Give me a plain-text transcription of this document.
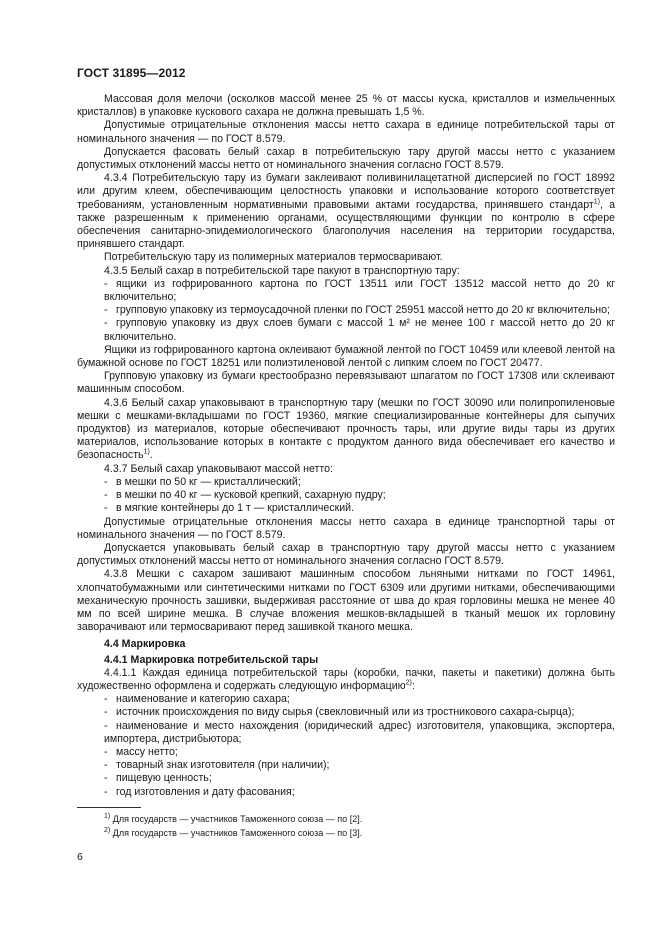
ГОСТ 31895—2012
Массовая доля мелочи (осколков массой менее 25 % от массы куска, кристаллов и измельченных кристаллов) в упаковке кускового сахара не должна превышать 1,5 %.
Допустимые отрицательные отклонения массы нетто сахара в единице потребительской тары от номинального значения — по ГОСТ 8.579.
Допускается фасовать белый сахар в потребительскую тару другой массы нетто с указанием допустимых отклонений массы нетто от номинального значения согласно ГОСТ 8.579.
4.3.4 Потребительскую тару из бумаги заклеивают поливинилацетатной дисперсией по ГОСТ 18992 или другим клеем, обеспечивающим целостность упаковки и использование которого соответствует требованиям, установленным нормативными правовыми актами государства, принявшего стандарт$^{1)}$, а также разрешенным к применению органами, осуществляющими функции по контролю в сфере обеспечения санитарно-эпидемиологического благополучия населения на территории государства, принявшего стандарт.
Потребительскую тару из полимерных материалов термосваривают.
4.3.5 Белый сахар в потребительской таре пакуют в транспортную тару:
- ящики из гофрированного картона по ГОСТ 13511 или ГОСТ 13512 массой нетто до 20 кг включительно;
- групповую упаковку из термоусадочной пленки по ГОСТ 25951 массой нетто до 20 кг включительно;
- групповую упаковку из двух слоев бумаги с массой 1 м² не менее 100 г массой нетто до 20 кг включительно.
Ящики из гофрированного картона оклеивают бумажной лентой по ГОСТ 10459 или клеевой лентой на бумажной основе по ГОСТ 18251 или полиэтиленовой лентой с липким слоем по ГОСТ 20477.
Групповую упаковку из бумаги крестообразно перевязывают шпагатом по ГОСТ 17308 или склеивают машинным способом.
4.3.6 Белый сахар упаковывают в транспортную тару (мешки по ГОСТ 30090 или полипропиленовые мешки с мешками-вкладышами по ГОСТ 19360, мягкие специализированные контейнеры для сыпучих продуктов) из материалов, которые обеспечивают прочность тары, или другие виды тары из других материалов, использование которых в контакте с продуктом данного вида обеспечивает его качество и безопасность$^{1)}$.
4.3.7 Белый сахар упаковывают массой нетто:
- в мешки по 50 кг — кристаллический;
- в мешки по 40 кг — кусковой крепкий, сахарную пудру;
- в мягкие контейнеры до 1 т — кристаллический.
Допустимые отрицательные отклонения массы нетто сахара в единице транспортной тары от номинального значения — по ГОСТ 8.579.
Допускается упаковывать белый сахар в транспортную тару другой массы нетто с указанием допустимых отклонений массы нетто от номинального значения согласно ГОСТ 8.579.
4.3.8 Мешки с сахаром зашивают машинным способом льняными нитками по ГОСТ 14961, хлопчатобумажными или синтетическими нитками по ГОСТ 6309 или другими нитками, обеспечивающими механическую прочность зашивки, выдерживая расстояние от шва до края горловины мешка не менее 40 мм по всей ширине мешка. В случае вложения мешков-вкладышей в тканый мешок их горловину заворачивают или термосваривают перед зашивкой тканого мешка.
4.4 Маркировка
4.4.1 Маркировка потребительской тары
4.4.1.1 Каждая единица потребительской тары (коробки, пачки, пакеты и пакетики) должна быть художественно оформлена и содержать следующую информацию$^{2)}$:
- наименование и категорию сахара;
- источник происхождения по виду сырья (свекловичный или из тростникового сахара-сырца);
- наименование и место нахождения (юридический адрес) изготовителя, упаковщика, экспортера, импортера, дистрибьютора;
- массу нетто;
- товарный знак изготовителя (при наличии);
- пищевую ценность;
- год изготовления и дату фасования;
$^{1)}$ Для государств — участников Таможенного союза — по [2].
$^{2)}$ Для государств — участников Таможенного союза — по [3].
6
